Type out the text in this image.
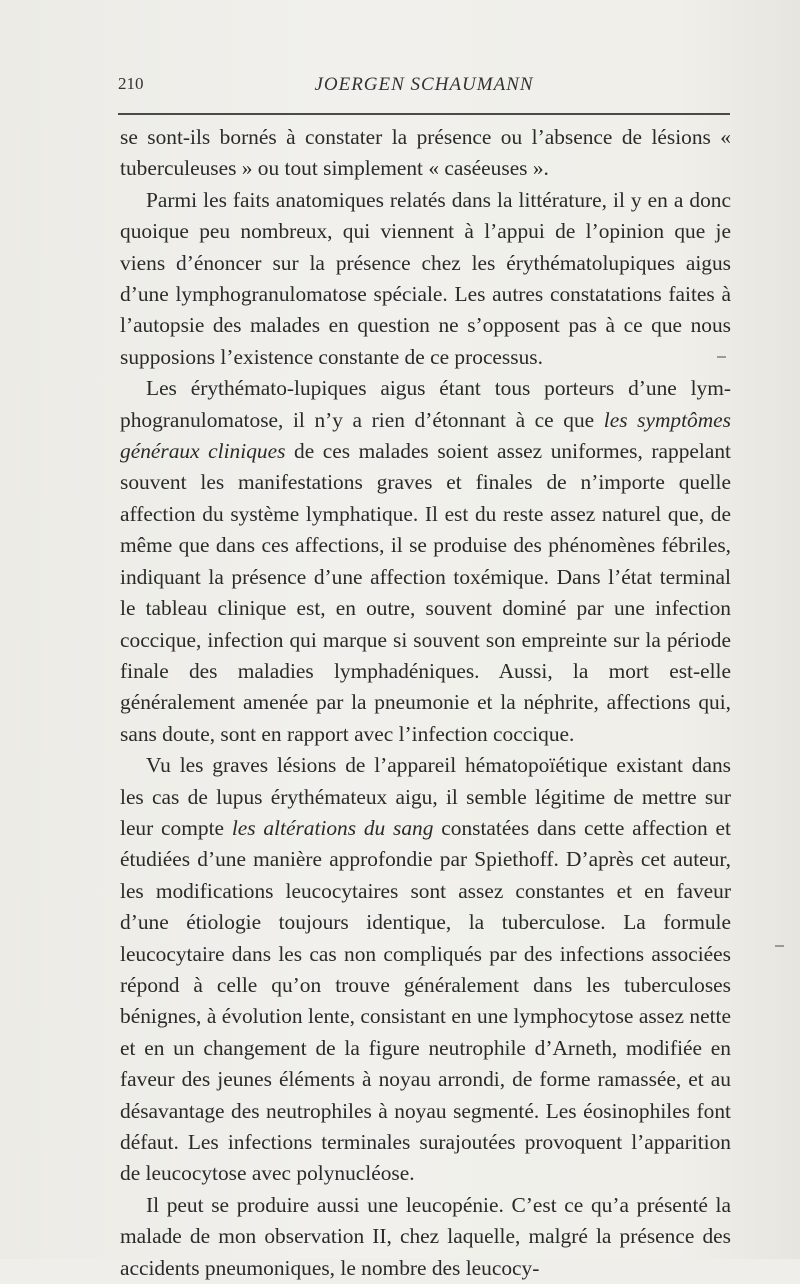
210	JOERGEN SCHAUMANN

se sont-ils bornés à constater la présence ou l’absence de lésions « tuberculeuses » ou tout simplement « caséeuses ».

Parmi les faits anatomiques relatés dans la littérature, il y en a donc quoique peu nombreux, qui viennent à l’appui de l’opinion que je viens d’énoncer sur la présence chez les érythématolupiques aigus d’une lymphogranulomatose spéciale. Les autres constatations faites à l’autopsie des malades en question ne s’opposent pas à ce que nous supposions l’existence constante de ce processus.

Les érythémato-lupiques aigus étant tous porteurs d’une lymphogranulomatose, il n’y a rien d’étonnant à ce que les symptômes généraux cliniques de ces malades soient assez uniformes, rappelant souvent les manifestations graves et finales de n’importe quelle affection du système lymphatique. Il est du reste assez naturel que, de même que dans ces affections, il se produise des phénomènes fébriles, indiquant la présence d’une affection toxémique. Dans l’état terminal le tableau clinique est, en outre, souvent dominé par une infection coccique, infection qui marque si souvent son empreinte sur la période finale des maladies lymphadéniques. Aussi, la mort est-elle généralement amenée par la pneumonie et la néphrite, affections qui, sans doute, sont en rapport avec l’infection coccique.

Vu les graves lésions de l’appareil hématopoïétique existant dans les cas de lupus érythémateux aigu, il semble légitime de mettre sur leur compte les altérations du sang constatées dans cette affection et étudiées d’une manière approfondie par Spiethoff. D’après cet auteur, les modifications leucocytaires sont assez constantes et en faveur d’une étiologie toujours identique, la tuberculose. La formule leucocytaire dans les cas non compliqués par des infections associées répond à celle qu’on trouve généralement dans les tuberculoses bénignes, à évolution lente, consistant en une lymphocytose assez nette et en un changement de la figure neutrophile d’Arneth, modifiée en faveur des jeunes éléments à noyau arrondi, de forme ramassée, et au désavantage des neutrophiles à noyau segmenté. Les éosinophiles font défaut. Les infections terminales surajoutées provoquent l’apparition de leucocytose avec polynucléose.

Il peut se produire aussi une leucopénie. C’est ce qu’a présenté la malade de mon observation II, chez laquelle, malgré la présence des accidents pneumoniques, le nombre des leucocy-
